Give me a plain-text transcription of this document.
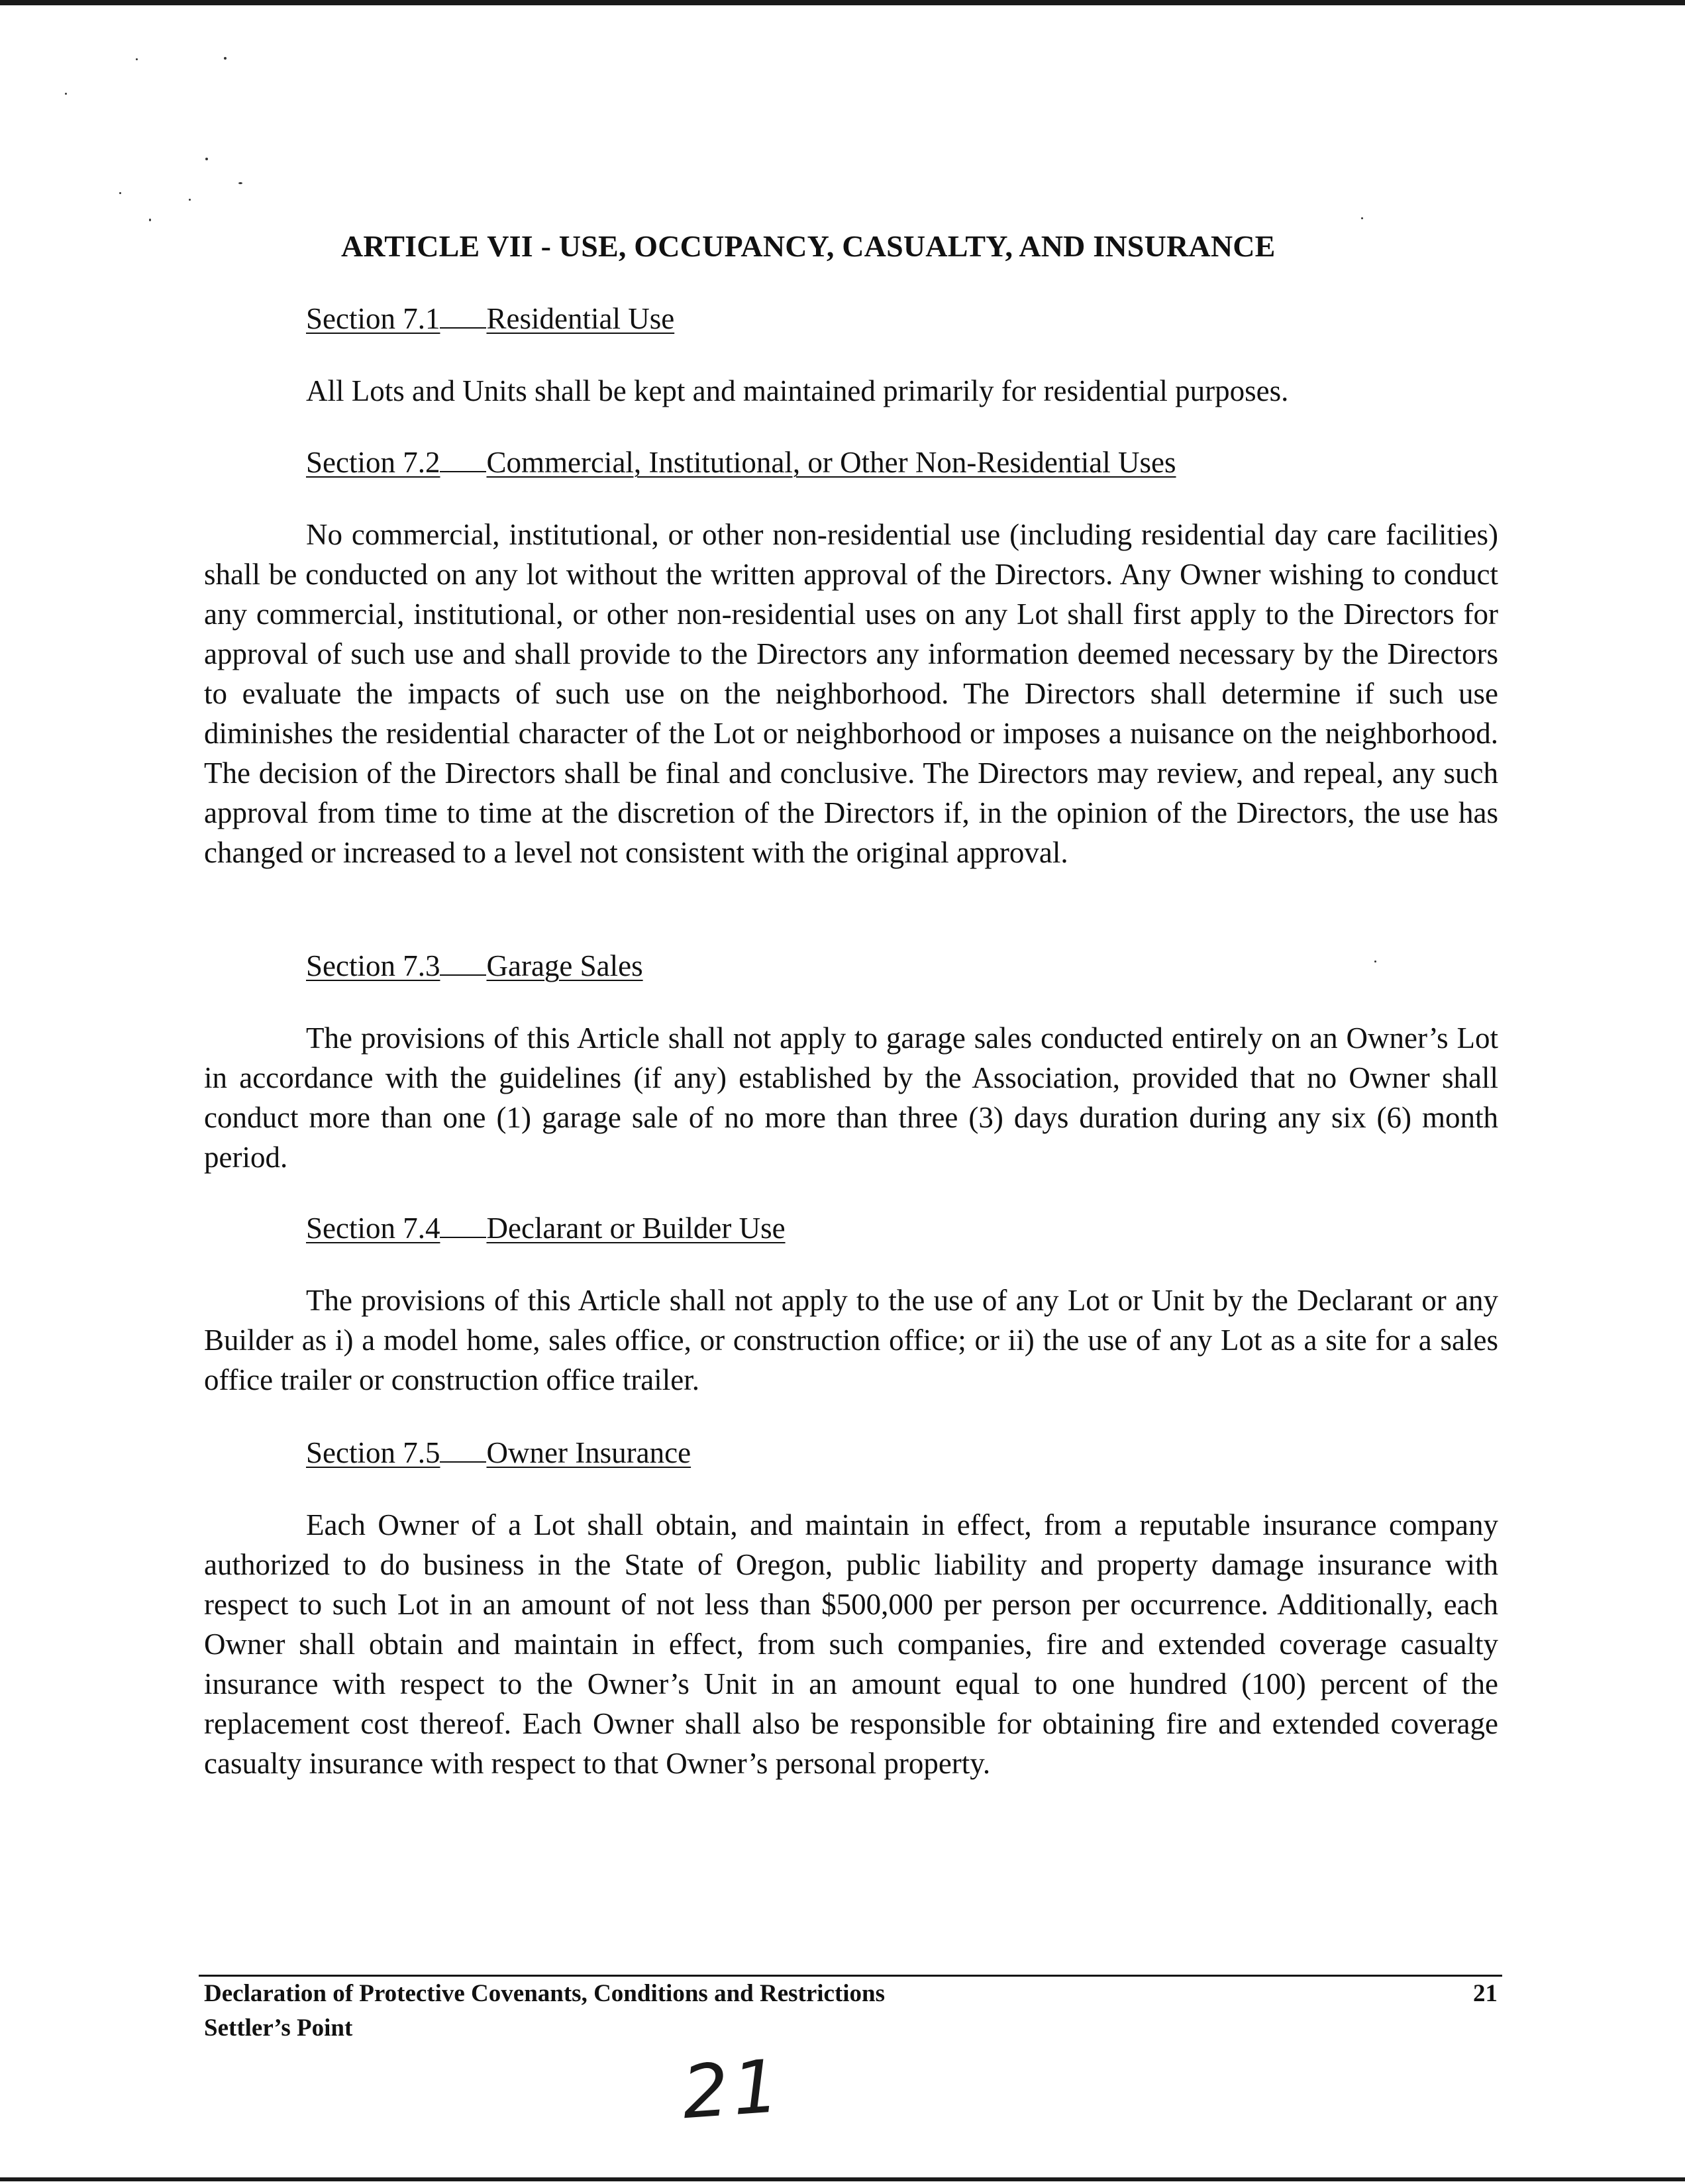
ARTICLE VII - USE, OCCUPANCY, CASUALTY, AND INSURANCE
Section 7.1 Residential Use

All Lots and Units shall be kept and maintained primarily for residential purposes.

Section 7.2 Commercial, Institutional, or Other Non-Residential Uses

No commercial, institutional, or other non-residential use (including residential day care facilities) shall be conducted on any lot without the written approval of the Directors. Any Owner wishing to conduct any commercial, institutional, or other non-residential uses on any Lot shall first apply to the Directors for approval of such use and shall provide to the Directors any information deemed necessary by the Directors to evaluate the impacts of such use on the neighborhood. The Directors shall determine if such use diminishes the residential character of the Lot or neighborhood or imposes a nuisance on the neighborhood. The decision of the Directors shall be final and conclusive. The Directors may review, and repeal, any such approval from time to time at the discretion of the Directors if, in the opinion of the Directors, the use has changed or increased to a level not consistent with the original approval.

Section 7.3 Garage Sales

The provisions of this Article shall not apply to garage sales conducted entirely on an Owner’s Lot in accordance with the guidelines (if any) established by the Association, provided that no Owner shall conduct more than one (1) garage sale of no more than three (3) days duration during any six (6) month period.

Section 7.4 Declarant or Builder Use

The provisions of this Article shall not apply to the use of any Lot or Unit by the Declarant or any Builder as i) a model home, sales office, or construction office; or ii) the use of any Lot as a site for a sales office trailer or construction office trailer.

Section 7.5 Owner Insurance

Each Owner of a Lot shall obtain, and maintain in effect, from a reputable insurance company authorized to do business in the State of Oregon, public liability and property damage insurance with respect to such Lot in an amount of not less than $500,000 per person per occurrence. Additionally, each Owner shall obtain and maintain in effect, from such companies, fire and extended coverage casualty insurance with respect to the Owner’s Unit in an amount equal to one hundred (100) percent of the replacement cost thereof. Each Owner shall also be responsible for obtaining fire and extended coverage casualty insurance with respect to that Owner’s personal property.

Declaration of Protective Covenants, Conditions and Restrictions
Settler’s Point
21
21
